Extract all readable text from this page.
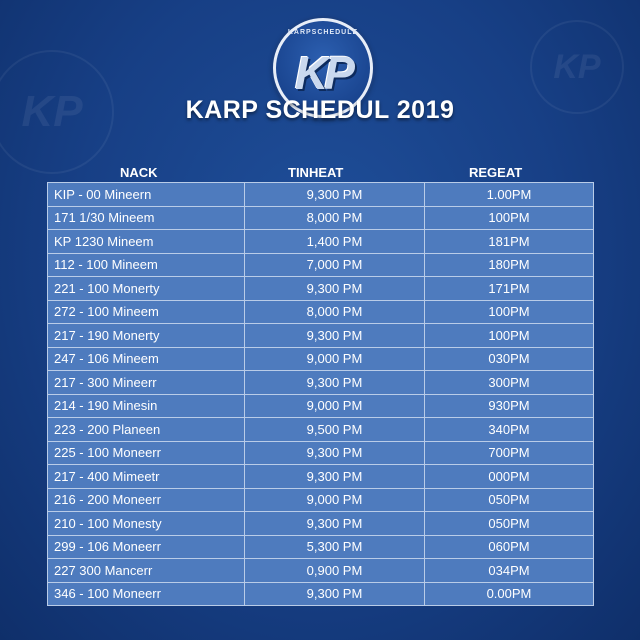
KP
KP
KARPSCHEDULE
KP
KARP SCHEDUL 2019
NACK	TINHEAT	REGEAT
KIP - 00 Mineern	9,300 PM	1.00PM
171 1/30 Mineem	8,000 PM	100PM
KP 1230 Mineem	1,400 PM	181PM
112 - 100 Mineem	7,000 PM	180PM
221 - 100 Monerty	9,300 PM	171PM
272 - 100 Mineem	8,000 PM	100PM
217 - 190 Monerty	9,300 PM	100PM
247 - 106 Mineem	9,000 PM	030PM
217 - 300 Mineerr	9,300 PM	300PM
214 - 190 Minesin	9,000 PM	930PM
223 - 200 Planeen	9,500 PM	340PM
225 - 100 Moneerr	9,300 PM	700PM
217 - 400 Mimeetr	9,300 PM	000PM
216 - 200 Moneerr	9,000 PM	050PM
210 - 100 Monesty	9,300 PM	050PM
299 - 106 Moneerr	5,300 PM	060PM
227 300 Mancerr	0,900 PM	034PM
346 - 100 Moneerr	9,300 PM	0.00PM
